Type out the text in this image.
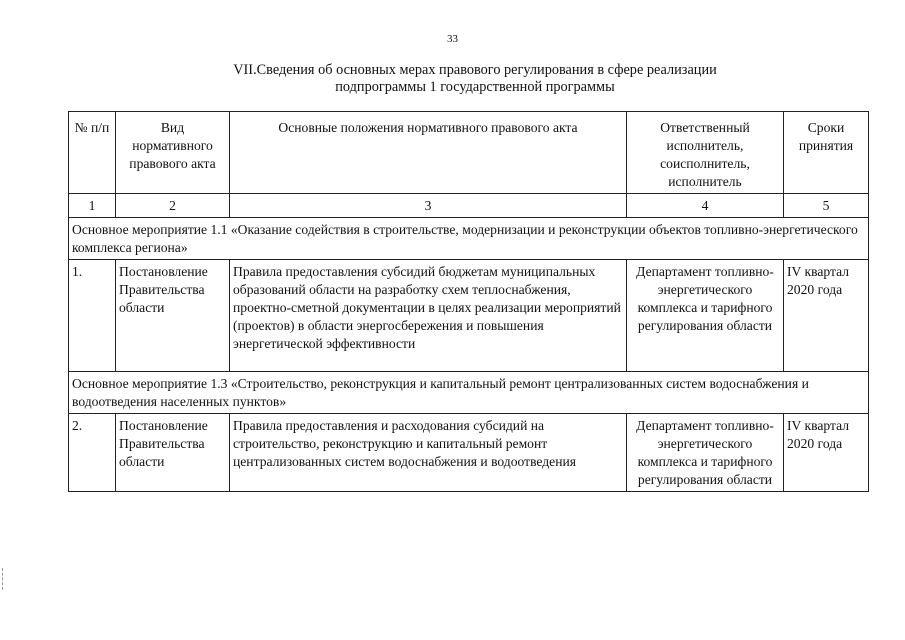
33
VII.Сведения об основных мерах правового регулирования в сфере реализации
подпрограммы 1 государственной программы
№ п/п	Вид нормативного правового акта	Основные положения нормативного правового акта	Ответственный исполнитель, соисполнитель, исполнитель	Сроки принятия
1	2	3	4	5
Основное мероприятие 1.1 «Оказание содействия в строительстве, модернизации и реконструкции объектов топливно-энергетического комплекса региона»				
1.	Постановление Правительства области	Правила предоставления субсидий бюджетам муниципальных образований области на разработку схем теплоснабжения, проектно-сметной документации в целях реализации мероприятий (проектов) в области энергосбережения и повышения энергетической эффективности	Департамент топливно-энергетического комплекса и тарифного регулирования области	IV квартал 2020 года
Основное мероприятие 1.3 «Строительство, реконструкция и капитальный ремонт централизованных систем водоснабжения и водоотведения населенных пунктов»				
2.	Постановление Правительства области	Правила предоставления и расходования субсидий на строительство, реконструкцию и капитальный ремонт централизованных систем водоснабжения и водоотведения	Департамент топливно-энергетического комплекса и тарифного регулирования области	IV квартал 2020 года
